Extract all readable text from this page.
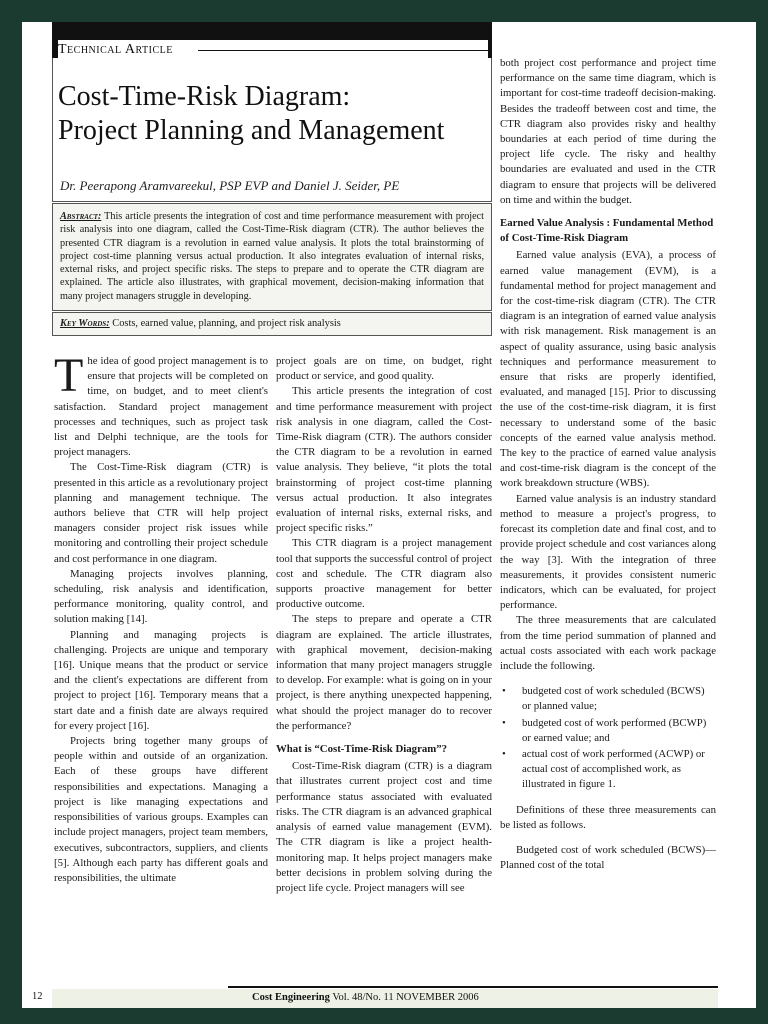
Technical Article
Cost-Time-Risk Diagram:
Project Planning and Management
Dr. Peerapong Aramvareekul, PSP EVP and Daniel J. Seider, PE
Abstract: This article presents the integration of cost and time performance measurement with project risk analysis into one diagram, called the Cost-Time-Risk diagram (CTR). The author believes the presented CTR diagram is a revolution in earned value analysis. It plots the total brainstorming of project cost-time planning versus actual production. It also integrates evaluation of internal risks, external risks, and project specific risks. The steps to prepare and to operate the CTR diagram are explained. The article also illustrates, with graphical movement, decision-making information that many project managers struggle in developing.
Key Words: Costs, earned value, planning, and project risk analysis

The idea of good project management is to ensure that projects will be completed on time, on budget, and to meet client's satisfaction. Standard project management processes and techniques, such as project task list and Delphi technique, are the tools for project managers.

The Cost-Time-Risk diagram (CTR) is presented in this article as a revolutionary project planning and management technique. The authors believe that CTR will help project managers consider project risk issues while monitoring and controlling their project schedule and cost performance in one diagram.

Managing projects involves planning, scheduling, risk analysis and identification, performance monitoring, quality control, and solution making [14].

Planning and managing projects is challenging. Projects are unique and temporary [16]. Unique means that the product or service and the client's expectations are different from project to project [16]. Temporary means that a start date and a finish date are always required for every project [16].

Projects bring together many groups of people within and outside of an organization. Each of these groups have different responsibilities and expectations. Managing a project is like managing expectations and responsibilities of various groups. Examples can include project managers, project team members, executives, subcontractors, suppliers, and clients [5]. Although each party has different goals and responsibilities, the ultimate

project goals are on time, on budget, right product or service, and good quality.

This article presents the integration of cost and time performance measurement with project risk analysis in one diagram, called the Cost-Time-Risk diagram (CTR). The authors consider the CTR diagram to be a revolution in earned value analysis. They believe, “it plots the total brainstorming of project cost-time planning versus actual production. It also integrates evaluation of internal risks, external risks, and project specific risks.”

This CTR diagram is a project management tool that supports the successful control of project cost and schedule. The CTR diagram also supports proactive management for better productive outcome.

The steps to prepare and operate a CTR diagram are explained. The article illustrates, with graphical movement, decision-making information that many project managers struggle to develop. For example: what is going on in your project, is there anything unexpected happening, what should the project manager do to recover the performance?

What is “Cost-Time-Risk Diagram”?

Cost-Time-Risk diagram (CTR) is a diagram that illustrates current project cost and time performance status associated with evaluated risks. The CTR diagram is an advanced graphical analysis of earned value management (EVM). The CTR diagram is like a project health-monitoring map. It helps project managers make better decisions in problem solving during the project life cycle. Project managers will see

both project cost performance and project time performance on the same time diagram, which is important for cost-time tradeoff decision-making. Besides the tradeoff between cost and time, the CTR diagram also provides risky and healthy boundaries at each period of time during the project life cycle. The risky and healthy boundaries are evaluated and used in the CTR diagram to ensure that projects will be delivered on time and within the budget.

Earned Value Analysis : Fundamental Method of Cost-Time-Risk Diagram

Earned value analysis (EVA), a process of earned value management (EVM), is a fundamental method for project management and for the cost-time-risk diagram (CTR). The CTR diagram is an integration of earned value analysis with risk management. Risk management is an aspect of quality assurance, using basic analysis techniques and performance measurement to ensure that risks are properly identified, evaluated, and managed [15]. Prior to discussing the use of the cost-time-risk diagram, it is first necessary to understand some of the basic concepts of the earned value analysis method. The key to the practice of earned value analysis and cost-time-risk diagram is the concept of the work breakdown structure (WBS).

Earned value analysis is an industry standard method to measure a project's progress, to forecast its completion date and final cost, and to provide project schedule and cost variances along the way [3]. With the integration of three measurements, it provides consistent numeric indicators, which can be evaluated, for project performance.

The three measurements that are calculated from the time period summation of planned and actual costs associated with each work package include the following.

• budgeted cost of work scheduled (BCWS) or planned value;
• budgeted cost of work performed (BCWP) or earned value; and
• actual cost of work performed (ACWP) or actual cost of accomplished work, as illustrated in figure 1.

Definitions of these three measurements can be listed as follows.

Budgeted cost of work scheduled (BCWS)—Planned cost of the total

12	Cost Engineering Vol. 48/No. 11 NOVEMBER 2006
